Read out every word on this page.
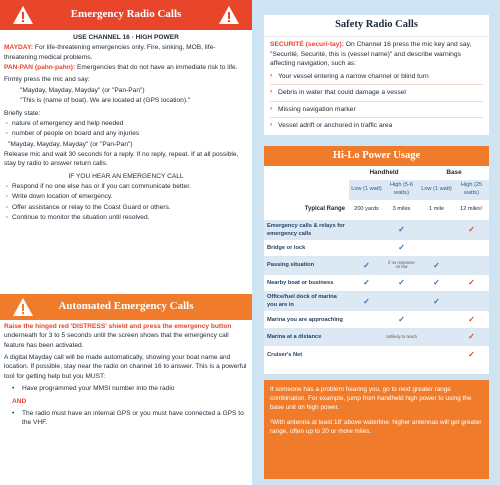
Emergency Radio Calls
USE CHANNEL 16 · HIGH POWER
MAYDAY: For life-threatening emergencies only. Fire, sinking, MOB, life-threatening medical problems.
PAN-PAN (pahn-pahn): Emergencies that do not have an immediate risk to life.
Firmly press the mic and say:
"Mayday, Mayday, Mayday" (or "Pan-Pan")
"This is (name of boat). We are located at (GPS location)."
Briefly state:
· nature of emergency and help needed
· number of people on board and any injuries
"Mayday, Mayday, Mayday" (or "Pan-Pan")
Release mic and wait 30 seconds for a reply. If no reply, repeat. If at all possible, stay by radio to answer return calls.
IF YOU HEAR AN EMERGENCY CALL
· Respond if no one else has or if you can communicate better.
· Write down location of emergency.
· Offer assistance or relay to the Coast Guard or others.
· Continue to monitor the situation until resolved.
Automated Emergency Calls
Raise the hinged red 'DISTRESS' shield and press the emergency button underneath for 3 to 5 seconds until the screen shows that the emergency call feature has been activated.
A digital Mayday call will be made automatically, showing your boat name and location. If possible, stay near the radio on channel 16 to answer. This is a powerful tool for getting help but you MUST:
• Have programmed your MMSI number into the radio
AND
• The radio must have an internal GPS or you must have connected a GPS to the VHF.
Safety Radio Calls
SECURITÉ (securi-tay): On Channel 16 press the mic key and say, "Securité, Securité, this is (vessel name)" and describe warnings affecting navigation, such as:
› Your vessel entering a narrow channel or blind turn
› Debris in water that could damage a vessel
› Missing navigation marker
› Vessel adrift or anchored in traffic area
Hi-Lo Power Usage
	Handheld		Base	
	Low (1 watt)	High (5-6 watts)	Low (1 watt)	High (25 watts)
Typical Range	200 yards	3 miles	1 mile	12 miles¹
Emergency calls & relays for emergency calls		✓		✓
Bridge or lock		✓		
Passing situation	✓	if no response on low	✓	
Nearby boat or business	✓	✓	✓	✓
Office/fuel dock of marina you are in	✓		✓	
Marina you are approaching		✓		✓
Marina at a distance		Unlikely to reach		✓
Cruiser's Net				✓

If someone has a problem hearing you, go to next greater range combination. For example, jump from handheld high power to using the base unit on high power.

¹With antenna at least 18' above waterline; higher antennas will get greater range, often up to 20 or more miles.
